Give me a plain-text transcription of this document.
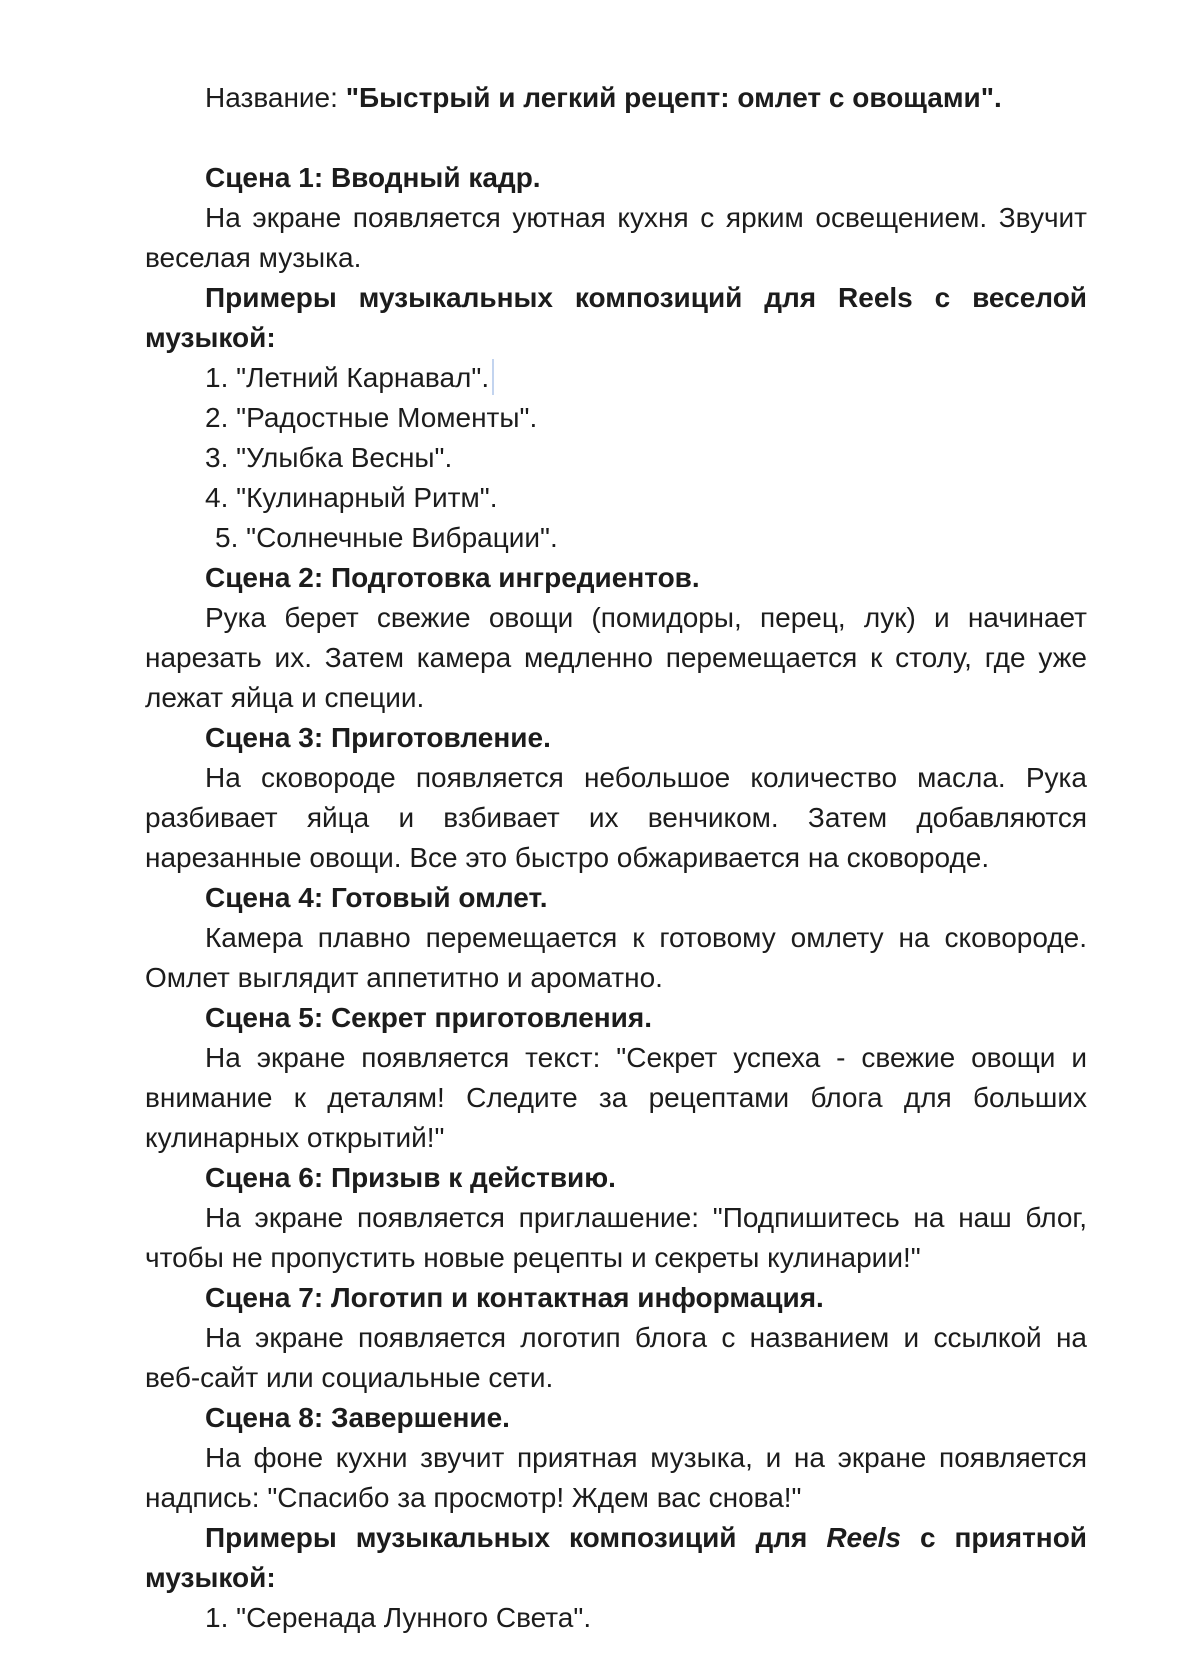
Название: "Быстрый и легкий рецепт: омлет с овощами".

Сцена 1: Вводный кадр.

На экране появляется уютная кухня с ярким освещением. Звучит веселая музыка.

Примеры музыкальных композиций для Reels с веселой музыкой:

1. "Летний Карнавал".

2. "Радостные Моменты".

3. "Улыбка Весны".

4. "Кулинарный Ритм".

5. "Солнечные Вибрации".

Сцена 2: Подготовка ингредиентов.

Рука берет свежие овощи (помидоры, перец, лук) и начинает нарезать их. Затем камера медленно перемещается к столу, где уже лежат яйца и специи.

Сцена 3: Приготовление.

На сковороде появляется небольшое количество масла. Рука разбивает яйца и взбивает их венчиком. Затем добавляются нарезанные овощи. Все это быстро обжаривается на сковороде.

Сцена 4: Готовый омлет.

Камера плавно перемещается к готовому омлету на сковороде. Омлет выглядит аппетитно и ароматно.

Сцена 5: Секрет приготовления.

На экране появляется текст: "Секрет успеха - свежие овощи и внимание к деталям! Следите за рецептами блога для больших кулинарных открытий!"

Сцена 6: Призыв к действию.

На экране появляется приглашение: "Подпишитесь на наш блог, чтобы не пропустить новые рецепты и секреты кулинарии!"

Сцена 7: Логотип и контактная информация.

На экране появляется логотип блога с названием и ссылкой на веб-сайт или социальные сети.

Сцена 8: Завершение.

На фоне кухни звучит приятная музыка, и на экране появляется надпись: "Спасибо за просмотр! Ждем вас снова!"

Примеры музыкальных композиций для Reels с приятной музыкой:

1. "Серенада Лунного Света".
